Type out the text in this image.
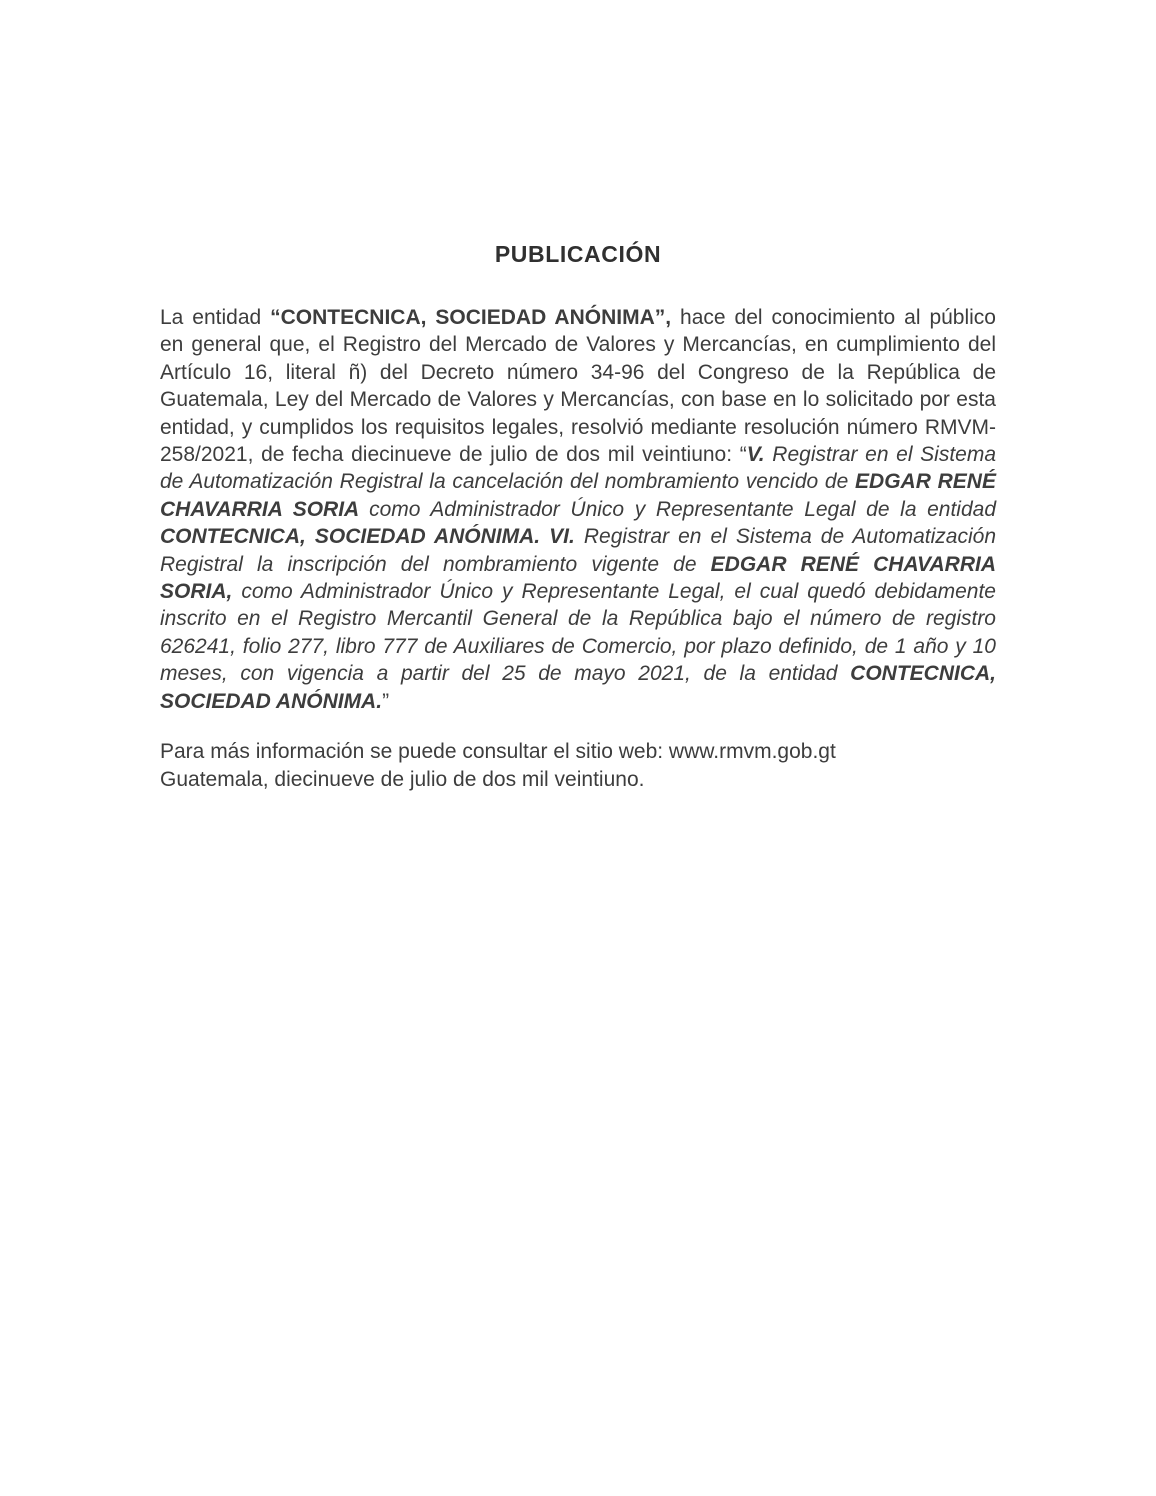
PUBLICACIÓN

La entidad “CONTECNICA, SOCIEDAD ANÓNIMA”, hace del conocimiento al público en general que, el Registro del Mercado de Valores y Mercancías, en cumplimiento del Artículo 16, literal ñ) del Decreto número 34-96 del Congreso de la República de Guatemala, Ley del Mercado de Valores y Mercancías, con base en lo solicitado por esta entidad, y cumplidos los requisitos legales, resolvió mediante resolución número RMVM-258/2021, de fecha diecinueve de julio de dos mil veintiuno: “V. Registrar en el Sistema de Automatización Registral la cancelación del nombramiento vencido de EDGAR RENÉ CHAVARRIA SORIA como Administrador Único y Representante Legal de la entidad CONTECNICA, SOCIEDAD ANÓNIMA. VI. Registrar en el Sistema de Automatización Registral la inscripción del nombramiento vigente de EDGAR RENÉ CHAVARRIA SORIA, como Administrador Único y Representante Legal, el cual quedó debidamente inscrito en el Registro Mercantil General de la República bajo el número de registro 626241, folio 277, libro 777 de Auxiliares de Comercio, por plazo definido, de 1 año y 10 meses, con vigencia a partir del 25 de mayo 2021, de la entidad CONTECNICA, SOCIEDAD ANÓNIMA.”

Para más información se puede consultar el sitio web: www.rmvm.gob.gt
Guatemala, diecinueve de julio de dos mil veintiuno.
